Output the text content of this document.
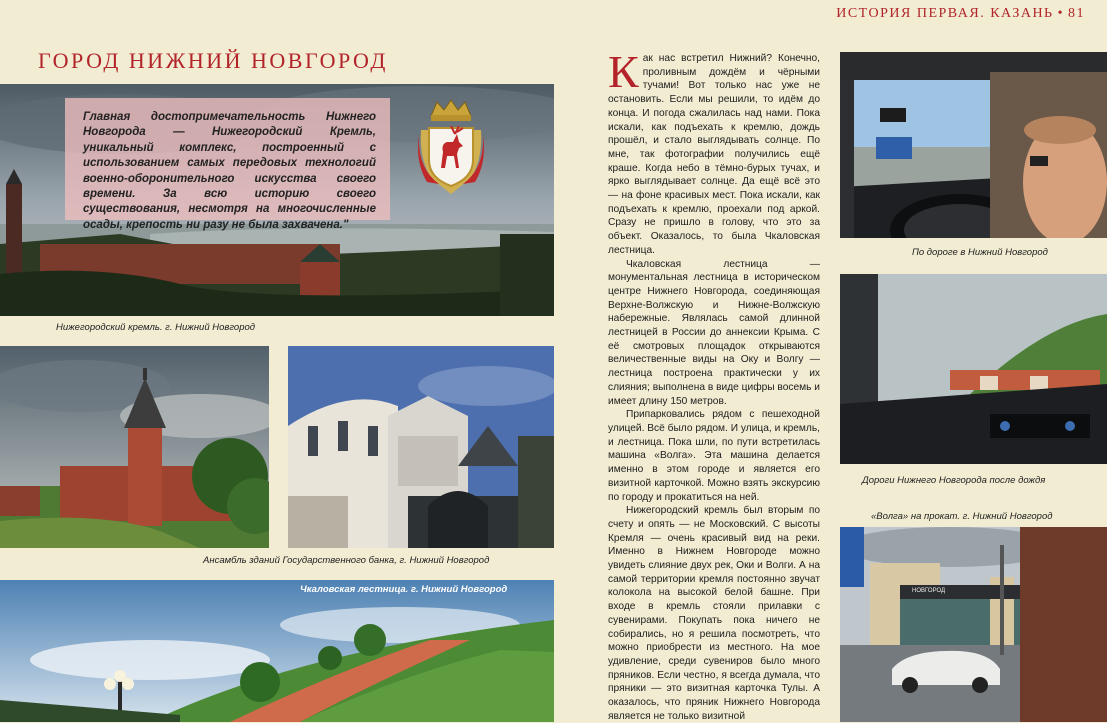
ИСТОРИЯ ПЕРВАЯ. КАЗАНЬ • 81
ГОРОД НИЖНИЙ НОВГОРОД
Главная достопримечательность Нижнего Новгорода — Нижегородский Кремль, уникальный комплекс, построенный с использованием самых передовых технологий военно-оборонительного искусства своего времени. За всю историю своего существования, несмотря на многочисленные осады, крепость ни разу не была захвачена."
Нижегородский кремль. г. Нижний Новгород
Ансамбль зданий Государственного банка, г. Нижний Новгород
Чкаловская лестница. г. Нижний Новгород

Как нас встретил Нижний? Конечно, проливным дождём и чёрными тучами! Вот только нас уже не остановить. Если мы решили, то идём до конца. И погода сжалилась над нами. Пока искали, как подъехать к кремлю, дождь прошёл, и стало выглядывать солнце. По мне, так фотографии получились ещё краше. Когда небо в тёмно-бурых тучах, и ярко выглядывает солнце. Да ещё всё это — на фоне красивых мест. Пока искали, как подъехать к кремлю, проехали под аркой. Сразу не пришло в голову, что это за объект. Оказалось, то была Чкаловская лестница.

Чкаловская лестница — монументальная лестница в историческом центре Нижнего Новгорода, соединяющая Верхне-Волжскую и Нижне-Волжскую набережные. Являлась самой длинной лестницей в России до аннексии Крыма. С её смотровых площадок открываются величественные виды на Оку и Волгу — лестница построена практически у их слияния; выполнена в виде цифры восемь и имеет длину 150 метров.

Припарковались рядом с пешеходной улицей. Всё было рядом. И улица, и кремль, и лестница. Пока шли, по пути встретилась машина «Волга». Эта машина делается именно в этом городе и является его визитной карточкой. Можно взять экскурсию по городу и прокатиться на ней.

Нижегородский кремль был вторым по счету и опять — не Московский. С высоты Кремля — очень красивый вид на реки. Именно в Нижнем Новгороде можно увидеть слияние двух рек, Оки и Волги. А на самой территории кремля постоянно звучат колокола на высокой белой башне. При входе в кремль стояли прилавки с сувенирами. Покупать пока ничего не собирались, но я решила посмотреть, что можно приобрести из местного. На мое удивление, среди сувениров было много пряников. Если честно, я всегда думала, что пряники — это визитная карточка Тулы. А оказалось, что пряник Нижнего Новгорода является не только визитной

По дороге в Нижний Новгород
Дороги Нижнего Новгорода после дождя
«Волга» на прокат. г. Нижний Новгород
НОВГОРОД
